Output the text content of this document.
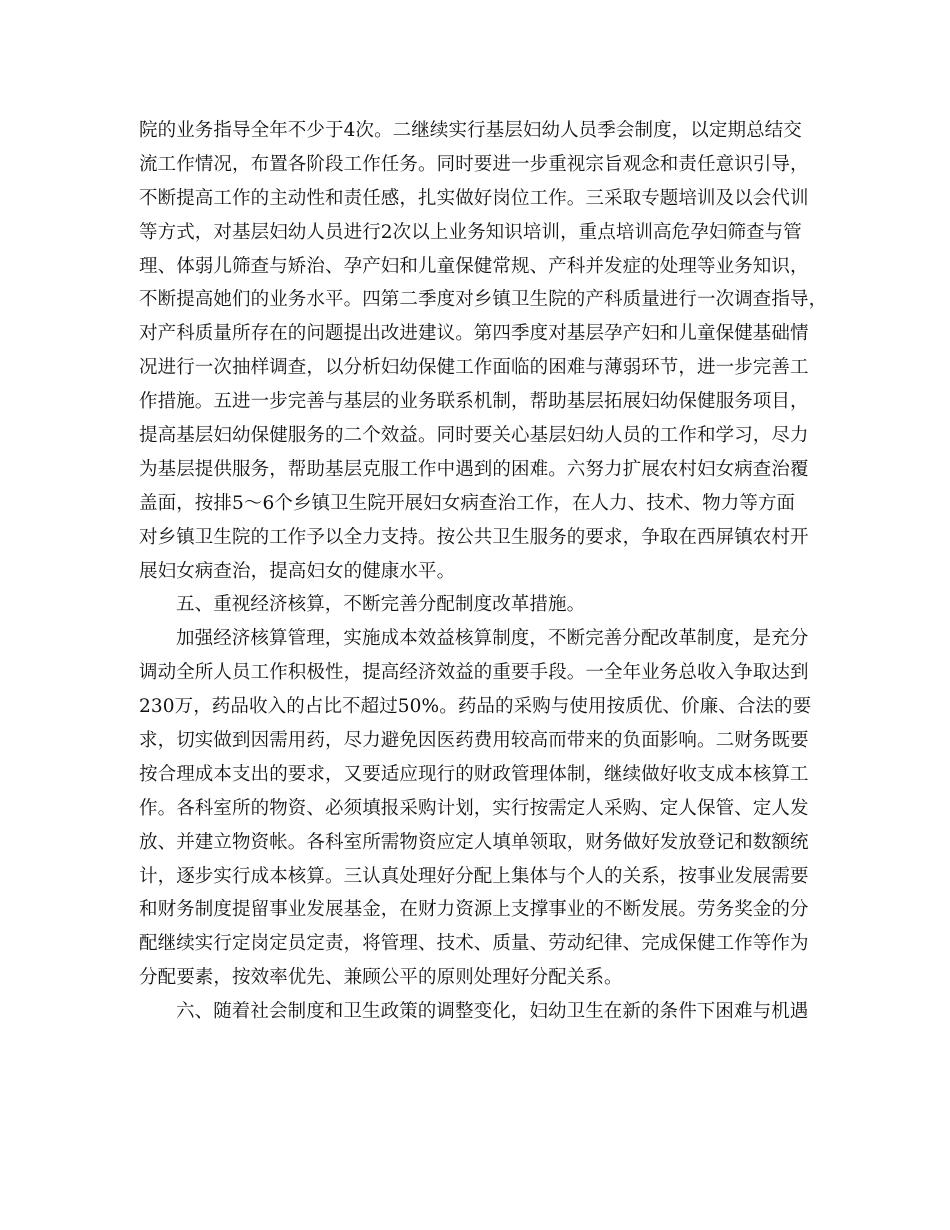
院的业务指导全年不少于4次。二继续实行基层妇幼人员季会制度，以定期总结交
流工作情况，布置各阶段工作任务。同时要进一步重视宗旨观念和责任意识引导，
不断提高工作的主动性和责任感，扎实做好岗位工作。三采取专题培训及以会代训
等方式，对基层妇幼人员进行2次以上业务知识培训，重点培训高危孕妇筛查与管
理、体弱儿筛查与矫治、孕产妇和儿童保健常规、产科并发症的处理等业务知识，
不断提高她们的业务水平。四第二季度对乡镇卫生院的产科质量进行一次调查指导，
对产科质量所存在的问题提出改进建议。第四季度对基层孕产妇和儿童保健基础情
况进行一次抽样调查，以分析妇幼保健工作面临的困难与薄弱环节，进一步完善工
作措施。五进一步完善与基层的业务联系机制，帮助基层拓展妇幼保健服务项目，
提高基层妇幼保健服务的二个效益。同时要关心基层妇幼人员的工作和学习，尽力
为基层提供服务，帮助基层克服工作中遇到的困难。六努力扩展农村妇女病查治覆
盖面，按排5～6个乡镇卫生院开展妇女病查治工作，在人力、技术、物力等方面
对乡镇卫生院的工作予以全力支持。按公共卫生服务的要求，争取在西屏镇农村开
展妇女病查治，提高妇女的健康水平。
五、重视经济核算，不断完善分配制度改革措施。
加强经济核算管理，实施成本效益核算制度，不断完善分配改革制度，是充分
调动全所人员工作积极性，提高经济效益的重要手段。一全年业务总收入争取达到
230万，药品收入的占比不超过50%。药品的采购与使用按质优、价廉、合法的要
求，切实做到因需用药，尽力避免因医药费用较高而带来的负面影响。二财务既要
按合理成本支出的要求，又要适应现行的财政管理体制，继续做好收支成本核算工
作。各科室所的物资、必须填报采购计划，实行按需定人采购、定人保管、定人发
放、并建立物资帐。各科室所需物资应定人填单领取，财务做好发放登记和数额统
计，逐步实行成本核算。三认真处理好分配上集体与个人的关系，按事业发展需要
和财务制度提留事业发展基金，在财力资源上支撑事业的不断发展。劳务奖金的分
配继续实行定岗定员定责，将管理、技术、质量、劳动纪律、完成保健工作等作为
分配要素，按效率优先、兼顾公平的原则处理好分配关系。
六、随着社会制度和卫生政策的调整变化，妇幼卫生在新的条件下困难与机遇
